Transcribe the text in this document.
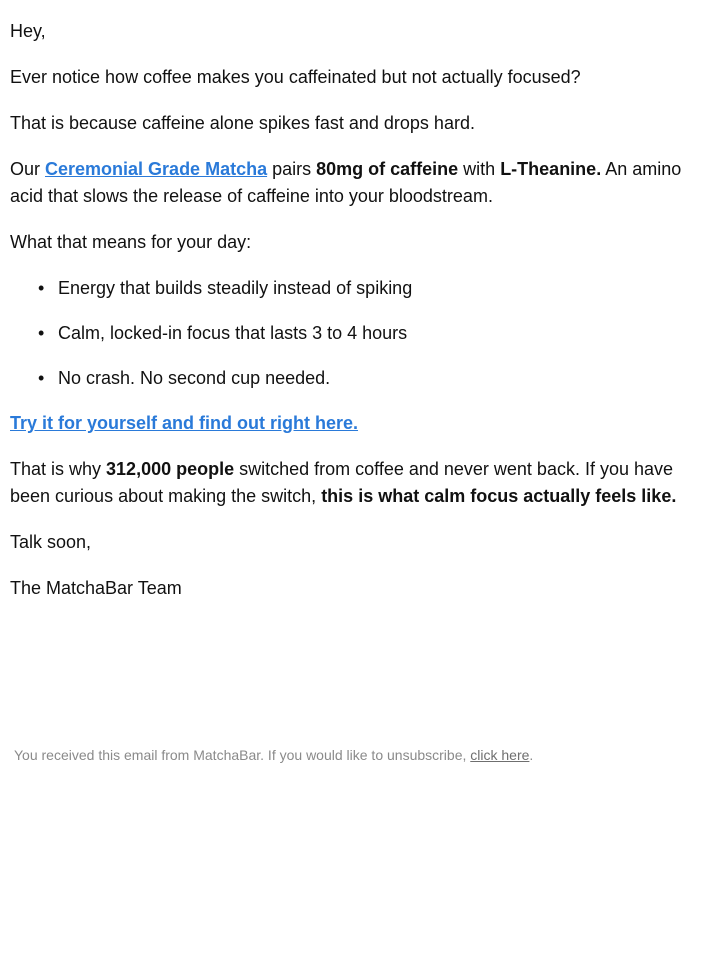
Hey,

Ever notice how coffee makes you caffeinated but not actually focused?

That is because caffeine alone spikes fast and drops hard.

Our Ceremonial Grade Matcha pairs 80mg of caffeine with L-Theanine. An amino acid that slows the release of caffeine into your bloodstream.

What that means for your day:

• Energy that builds steadily instead of spiking
• Calm, locked-in focus that lasts 3 to 4 hours
• No crash. No second cup needed.

Try it for yourself and find out right here.

That is why 312,000 people switched from coffee and never went back. If you have been curious about making the switch, this is what calm focus actually feels like.

Talk soon,

The MatchaBar Team

You received this email from MatchaBar. If you would like to unsubscribe, click here.
